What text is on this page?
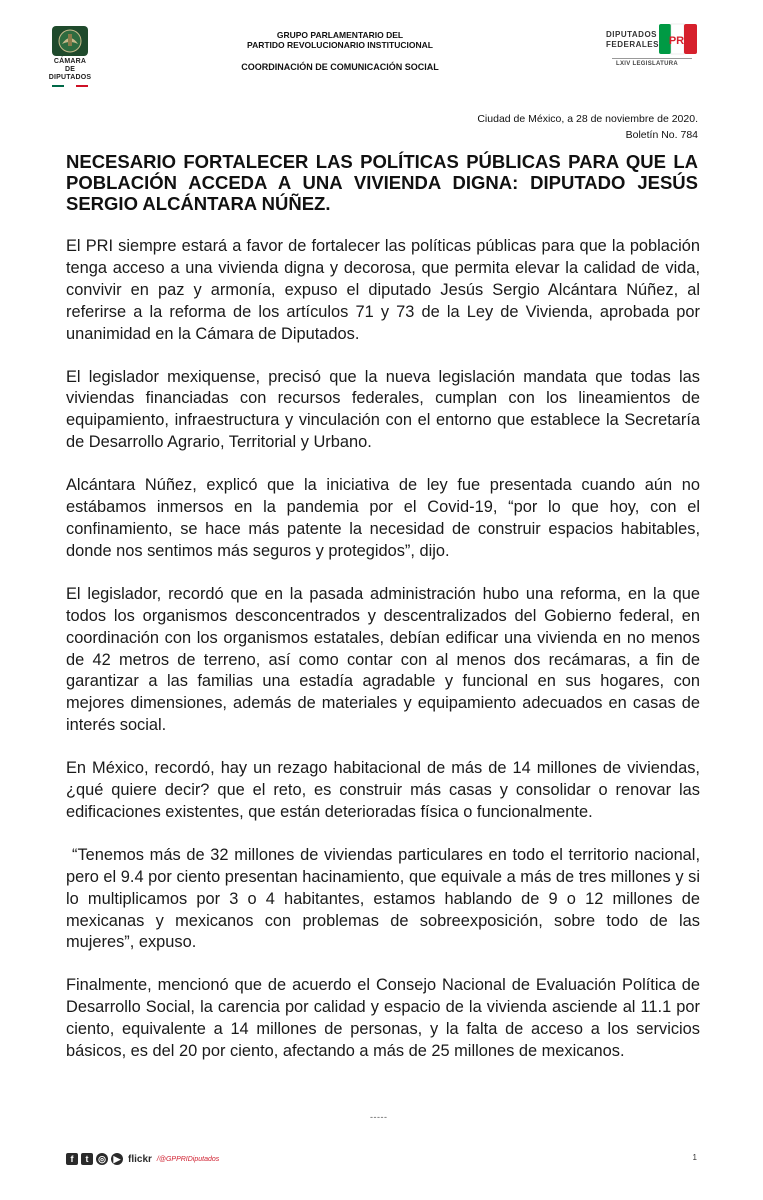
CÁMARA DE
DIPUTADOS
GRUPO PARLAMENTARIO DEL
PARTIDO REVOLUCIONARIO INSTITUCIONAL
COORDINACIÓN DE COMUNICACIÓN SOCIAL
DIPUTADOS
FEDERALES PRI
LXIV LEGISLATURA
Ciudad de México, a 28 de noviembre de 2020.
Boletín No. 784
NECESARIO FORTALECER LAS POLÍTICAS PÚBLICAS PARA QUE LA POBLACIÓN ACCEDA A UNA VIVIENDA DIGNA: DIPUTADO JESÚS SERGIO ALCÁNTARA NÚÑEZ.

El PRI siempre estará a favor de fortalecer las políticas públicas para que la población tenga acceso a una vivienda digna y decorosa, que permita elevar la calidad de vida, convivir en paz y armonía, expuso el diputado Jesús Sergio Alcántara Núñez, al referirse a la reforma de los artículos 71 y 73 de la Ley de Vivienda, aprobada por unanimidad en la Cámara de Diputados.

El legislador mexiquense, precisó que la nueva legislación mandata que todas las viviendas financiadas con recursos federales, cumplan con los lineamientos de equipamiento, infraestructura y vinculación con el entorno que establece la Secretaría de Desarrollo Agrario, Territorial y Urbano.

Alcántara Núñez, explicó que la iniciativa de ley fue presentada cuando aún no estábamos inmersos en la pandemia por el Covid-19, “por lo que hoy, con el confinamiento, se hace más patente la necesidad de construir espacios habitables, donde nos sentimos más seguros y protegidos”, dijo.

El legislador, recordó que en la pasada administración hubo una reforma, en la que todos los organismos desconcentrados y descentralizados del Gobierno federal, en coordinación con los organismos estatales, debían edificar una vivienda en no menos de 42 metros de terreno, así como contar con al menos dos recámaras, a fin de garantizar a las familias una estadía agradable y funcional en sus hogares, con mejores dimensiones, además de materiales y equipamiento adecuados en casas de interés social.

En México, recordó, hay un rezago habitacional de más de 14 millones de viviendas, ¿qué quiere decir? que el reto, es construir más casas y consolidar o renovar las edificaciones existentes, que están deterioradas física o funcionalmente.

“Tenemos más de 32 millones de viviendas particulares en todo el territorio nacional, pero el 9.4 por ciento presentan hacinamiento, que equivale a más de tres millones y si lo multiplicamos por 3 o 4 habitantes, estamos hablando de 9 o 12 millones de mexicanas y mexicanos con problemas de sobreexposición, sobre todo de las mujeres”, expuso.

Finalmente, mencionó que de acuerdo el Consejo Nacional de Evaluación Política de Desarrollo Social, la carencia por calidad y espacio de la vivienda asciende al 11.1 por ciento, equivalente a 14 millones de personas, y la falta de acceso a los servicios básicos, es del 20 por ciento, afectando a más de 25 millones de mexicanos.

-----
f	t	◎ ▶ flickr /@GPPRIDiputados	1
